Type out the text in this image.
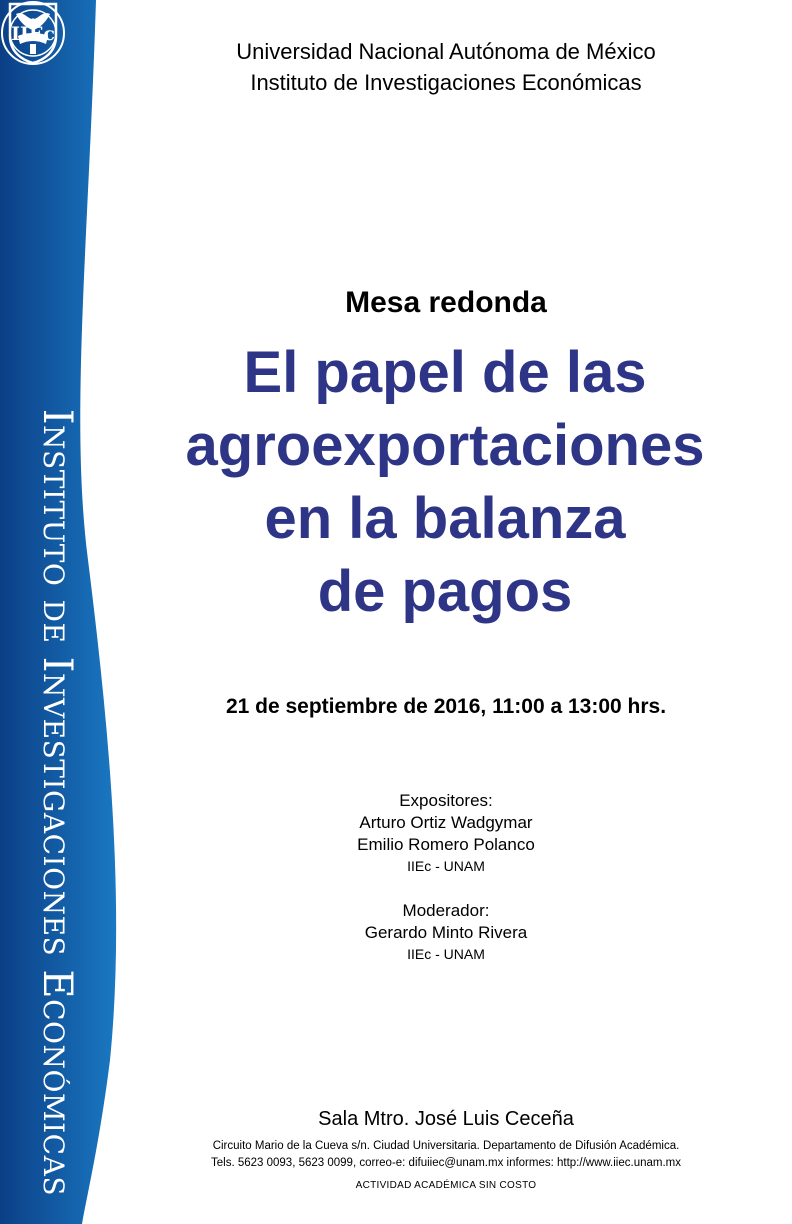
IIEc
Instituto de Investigaciones Económicas
Universidad Nacional Autónoma de México
Instituto de Investigaciones Económicas
Mesa redonda
El papel de las
agroexportaciones
en la balanza
de pagos
21 de septiembre de 2016, 11:00 a 13:00 hrs.
Expositores:
Arturo Ortiz Wadgymar
Emilio Romero Polanco
IIEc - UNAM
Moderador:
Gerardo Minto Rivera
IIEc - UNAM
Sala Mtro. José Luis Ceceña
Circuito Mario de la Cueva s/n. Ciudad Universitaria. Departamento de Difusión Académica.
Tels. 5623 0093, 5623 0099, correo-e: difuiiec@unam.mx informes: http://www.iiec.unam.mx
ACTIVIDAD ACADÉMICA SIN COSTO
